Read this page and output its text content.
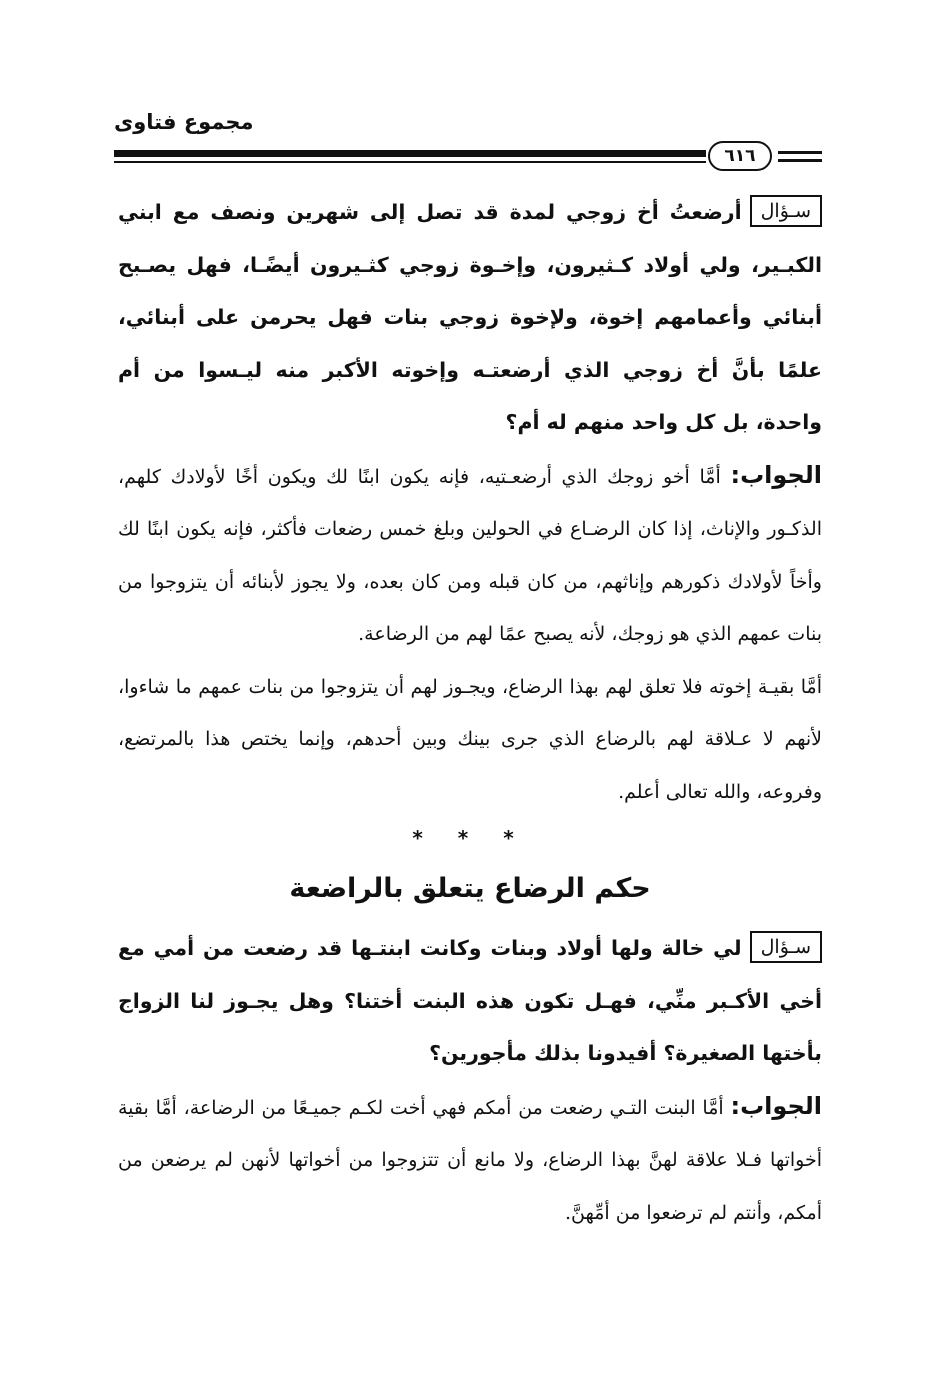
مجموع فتاوى
٦١٦

سـؤالأرضعتُ أخ زوجي لمدة قد تصل إلى شهرين ونصف مع ابني الكبـير، ولي أولاد كـثيرون، وإخـوة زوجي كثـيرون أيضًـا، فهل يصـبح أبنائي وأعمامهم إخوة، ولإخوة زوجي بنات فهل يحرمن على أبنائي، علمًا بأنَّ أخ زوجي الذي أرضعتـه وإخوته الأكبر منه ليـسوا من أم واحدة، بل كل واحد منهم له أم؟

الجواب: أمَّا أخو زوجك الذي أرضعـتيه، فإنه يكون ابنًا لك ويكون أخًا لأولادك كلهم، الذكـور والإناث، إذا كان الرضـاع في الحولين وبلغ خمس رضعات فأكثر، فإنه يكون ابنًا لك وأخاً لأولادك ذكورهم وإناثهم، من كان قبله ومن كان بعده، ولا يجوز لأبنائه أن يتزوجوا من بنات عمهم الذي هو زوجك، لأنه يصبح عمًا لهم من الرضاعة.

أمَّا بقيـة إخوته فلا تعلق لهم بهذا الرضاع، ويجـوز لهم أن يتزوجوا من بنات عمهم ما شاءوا، لأنهم لا عـلاقة لهم بالرضاع الذي جرى بينك وبين أحدهم، وإنما يختص هذا بالمرتضع، وفروعه، والله تعالى أعلم.

* * *
حكم الرضاع يتعلق بالراضعة

سـؤاللي خالة ولها أولاد وبنات وكانت ابنتـها قد رضعت من أمي مع أخي الأكـبر منِّي، فهـل تكون هذه البنت أختنا؟ وهل يجـوز لنا الزواج بأختها الصغيرة؟ أفيدونا بذلك مأجورين؟

الجواب: أمَّا البنت التـي رضعت من أمكم فهي أخت لكـم جميـعًا من الرضاعة، أمَّا بقية أخواتها فـلا علاقة لهنَّ بهذا الرضاع، ولا مانع أن تتزوجوا من أخواتها لأنهن لم يرضعن من أمكم، وأنتم لم ترضعوا من أمِّهنَّ.
